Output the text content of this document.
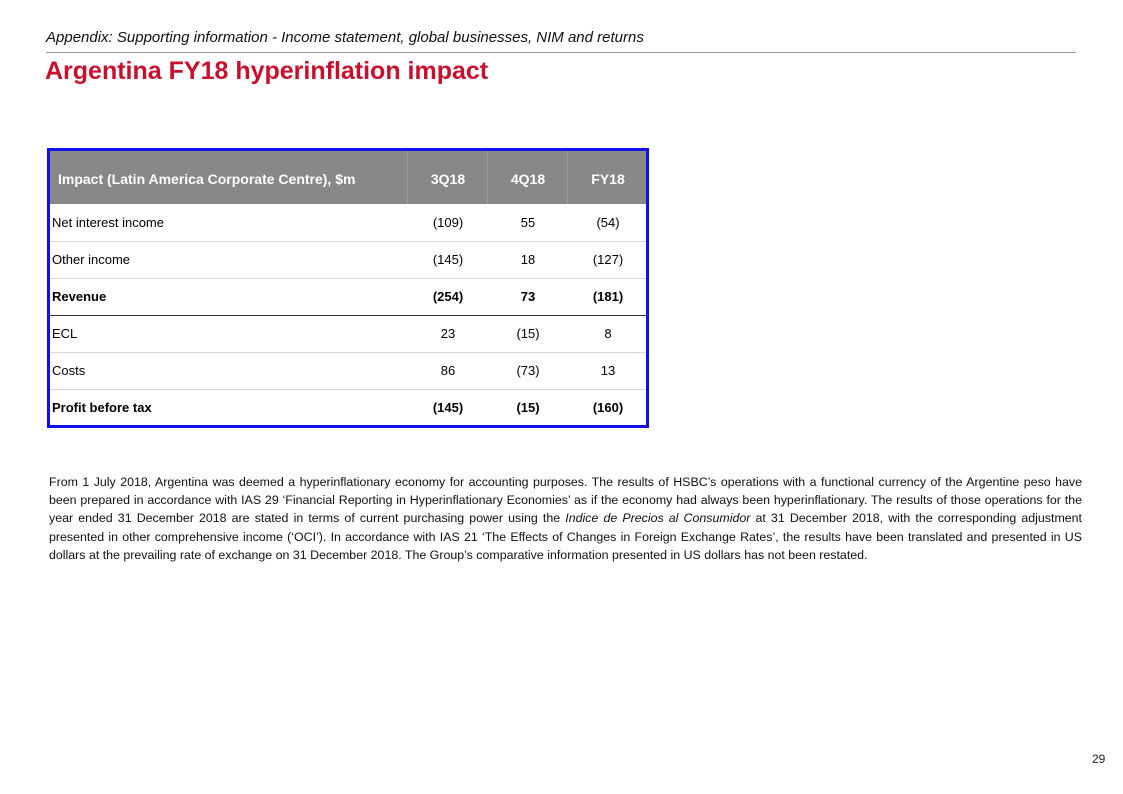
Appendix: Supporting information - Income statement, global businesses, NIM and returns
Argentina FY18 hyperinflation impact
Impact (Latin America Corporate Centre), $m	3Q18	4Q18	FY18
Net interest income	(109)	55	(54)
Other income	(145)	18	(127)
Revenue	(254)	73	(181)
ECL	23	(15)	8
Costs	86	(73)	13
Profit before tax	(145)	(15)	(160)
From 1 July 2018, Argentina was deemed a hyperinflationary economy for accounting purposes. The results of HSBC’s operations with a functional currency of the Argentine peso have been prepared in accordance with IAS 29 ‘Financial Reporting in Hyperinflationary Economies’ as if the economy had always been hyperinflationary. The results of those operations for the year ended 31 December 2018 are stated in terms of current purchasing power using the Indice de Precios al Consumidor at 31 December 2018, with the corresponding adjustment presented in other comprehensive income (‘OCI’). In accordance with IAS 21 ‘The Effects of Changes in Foreign Exchange Rates’, the results have been translated and presented in US dollars at the prevailing rate of exchange on 31 December 2018. The Group’s comparative information presented in US dollars has not been restated.
29
